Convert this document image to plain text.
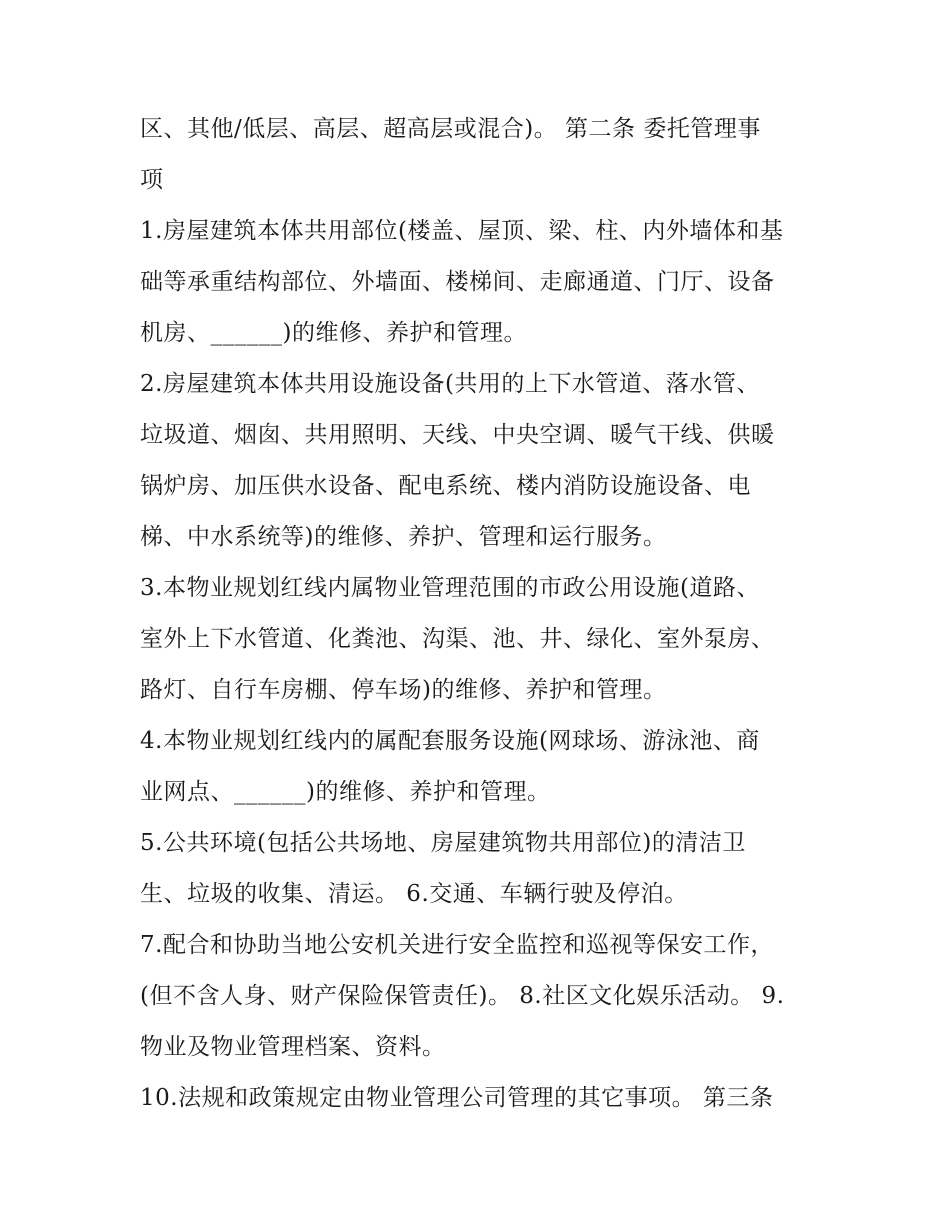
区、其他/低层、高层、超高层或混合)。 第二条 委托管理事
项
1.房屋建筑本体共用部位(楼盖、屋顶、梁、柱、内外墙体和基
础等承重结构部位、外墙面、楼梯间、走廊通道、门厅、设备
机房、______)的维修、养护和管理。
2.房屋建筑本体共用设施设备(共用的上下水管道、落水管、
垃圾道、烟囱、共用照明、天线、中央空调、暖气干线、供暖
锅炉房、加压供水设备、配电系统、楼内消防设施设备、电
梯、中水系统等)的维修、养护、管理和运行服务。
3.本物业规划红线内属物业管理范围的市政公用设施(道路、
室外上下水管道、化粪池、沟渠、池、井、绿化、室外泵房、
路灯、自行车房棚、停车场)的维修、养护和管理。
4.本物业规划红线内的属配套服务设施(网球场、游泳池、商
业网点、______)的维修、养护和管理。
5.公共环境(包括公共场地、房屋建筑物共用部位)的清洁卫
生、垃圾的收集、清运。 6.交通、车辆行驶及停泊。
7.配合和协助当地公安机关进行安全监控和巡视等保安工作，
(但不含人身、财产保险保管责任)。 8.社区文化娱乐活动。 9.
物业及物业管理档案、资料。
10.法规和政策规定由物业管理公司管理的其它事项。 第三条
